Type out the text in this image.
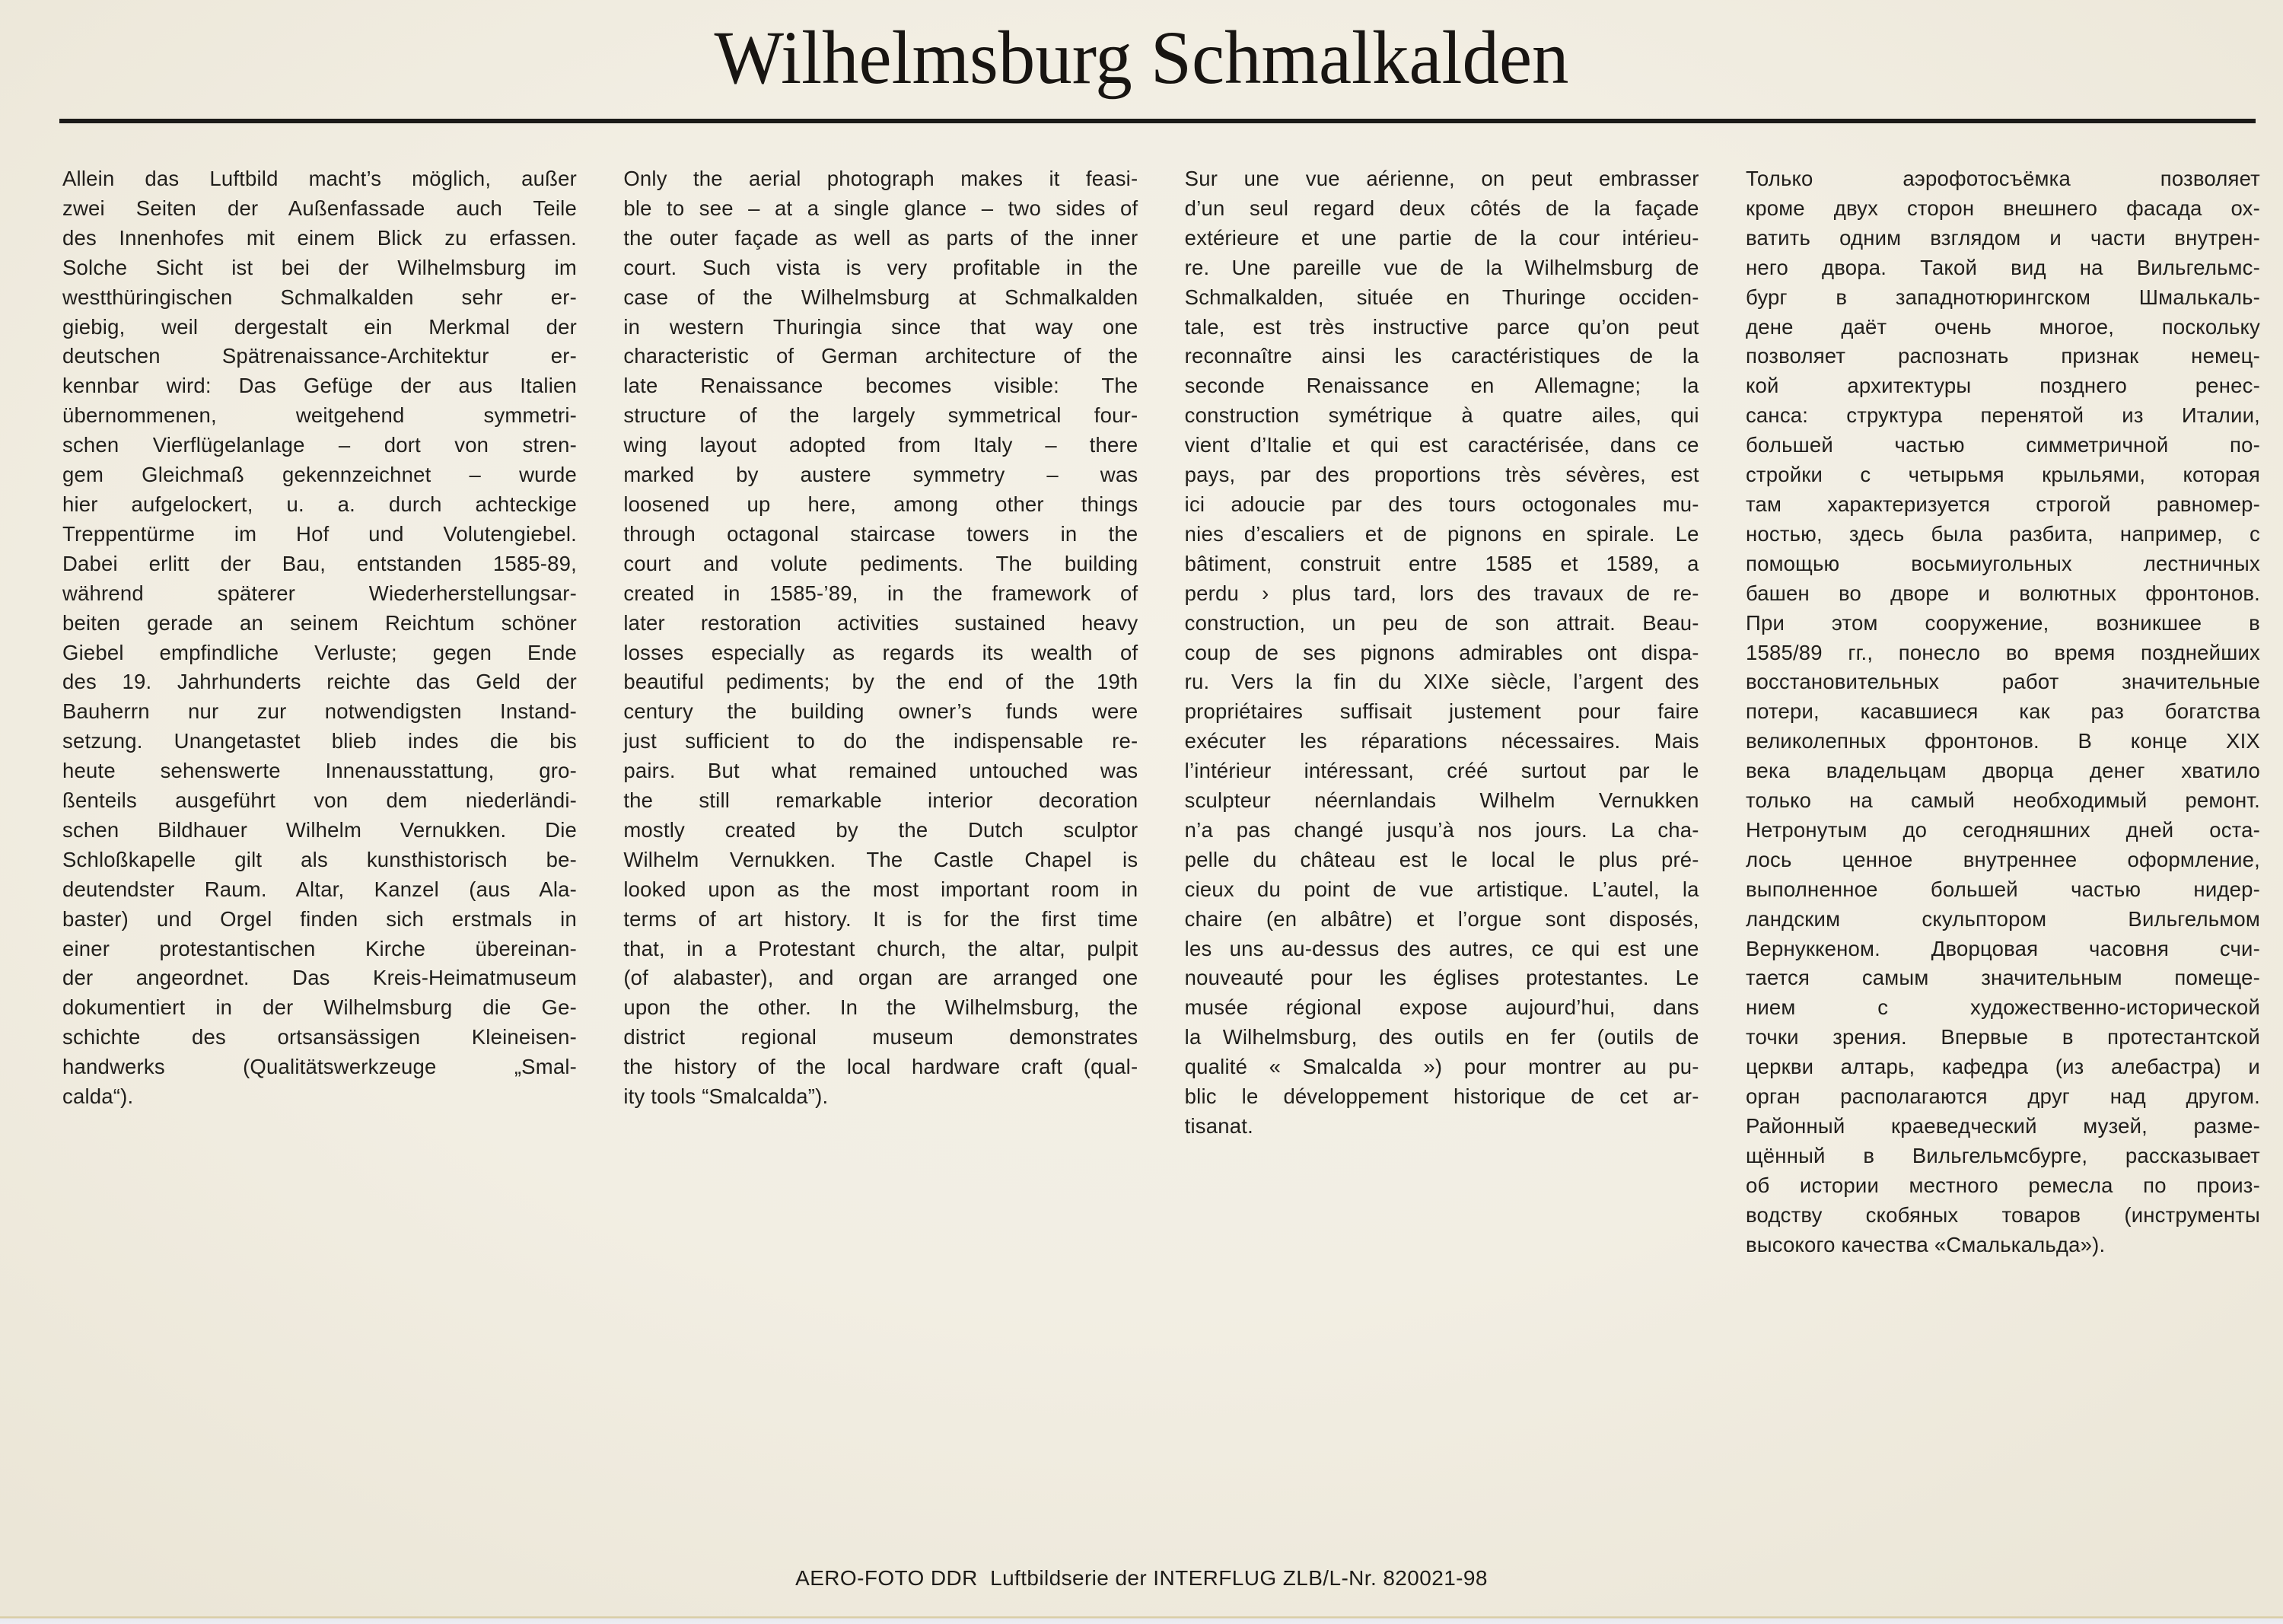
Wilhelmsburg Schmalkalden
Allein das Luftbild macht’s möglich, außer
zwei Seiten der Außenfassade auch Teile
des Innenhofes mit einem Blick zu erfassen.
Solche Sicht ist bei der Wilhelmsburg im
westthüringischen Schmalkalden sehr er-
giebig, weil dergestalt ein Merkmal der
deutschen Spätrenaissance-Architektur er-
kennbar wird: Das Gefüge der aus Italien
übernommenen, weitgehend symmetri-
schen Vierflügelanlage – dort von stren-
gem Gleichmaß gekennzeichnet – wurde
hier aufgelockert, u. a. durch achteckige
Treppentürme im Hof und Volutengiebel.
Dabei erlitt der Bau, entstanden 1585-89,
während späterer Wiederherstellungsar-
beiten gerade an seinem Reichtum schöner
Giebel empfindliche Verluste; gegen Ende
des 19. Jahrhunderts reichte das Geld der
Bauherrn nur zur notwendigsten Instand-
setzung. Unangetastet blieb indes die bis
heute sehenswerte Innenausstattung, gro-
ßenteils ausgeführt von dem niederländi-
schen Bildhauer Wilhelm Vernukken. Die
Schloßkapelle gilt als kunsthistorisch be-
deutendster Raum. Altar, Kanzel (aus Ala-
baster) und Orgel finden sich erstmals in
einer protestantischen Kirche übereinan-
der angeordnet. Das Kreis-Heimatmuseum
dokumentiert in der Wilhelmsburg die Ge-
schichte des ortsansässigen Kleineisen-
handwerks (Qualitätswerkzeuge „Smal-
calda“).
Only the aerial photograph makes it feasi-
ble to see – at a single glance – two sides of
the outer façade as well as parts of the inner
court. Such vista is very profitable in the
case of the Wilhelmsburg at Schmalkalden
in western Thuringia since that way one
characteristic of German architecture of the
late Renaissance becomes visible: The
structure of the largely symmetrical four-
wing layout adopted from Italy – there
marked by austere symmetry – was
loosened up here, among other things
through octagonal staircase towers in the
court and volute pediments. The building
created in 1585-’89, in the framework of
later restoration activities sustained heavy
losses especially as regards its wealth of
beautiful pediments; by the end of the 19th
century the building owner’s funds were
just sufficient to do the indispensable re-
pairs. But what remained untouched was
the still remarkable interior decoration
mostly created by the Dutch sculptor
Wilhelm Vernukken. The Castle Chapel is
looked upon as the most important room in
terms of art history. It is for the first time
that, in a Protestant church, the altar, pulpit
(of alabaster), and organ are arranged one
upon the other. In the Wilhelmsburg, the
district regional museum demonstrates
the history of the local hardware craft (qual-
ity tools “Smalcalda”).
Sur une vue aérienne, on peut embrasser
d’un seul regard deux côtés de la façade
extérieure et une partie de la cour intérieu-
re. Une pareille vue de la Wilhelmsburg de
Schmalkalden, située en Thuringe occiden-
tale, est très instructive parce qu’on peut
reconnaître ainsi les caractéristiques de la
seconde Renaissance en Allemagne; la
construction symétrique à quatre ailes, qui
vient d’Italie et qui est caractérisée, dans ce
pays, par des proportions très sévères, est
ici adoucie par des tours octogonales mu-
nies d’escaliers et de pignons en spirale. Le
bâtiment, construit entre 1585 et 1589, a
perdu › plus tard, lors des travaux de re-
construction, un peu de son attrait. Beau-
coup de ses pignons admirables ont dispa-
ru. Vers la fin du XIXe siècle, l’argent des
propriétaires suffisait justement pour faire
exécuter les réparations nécessaires. Mais
l’intérieur intéressant, créé surtout par le
sculpteur néernlandais Wilhelm Vernukken
n’a pas changé jusqu’à nos jours. La cha-
pelle du château est le local le plus pré-
cieux du point de vue artistique. L’autel, la
chaire (en albâtre) et l’orgue sont disposés,
les uns au-dessus des autres, ce qui est une
nouveauté pour les églises protestantes. Le
musée régional expose aujourd’hui, dans
la Wilhelmsburg, des outils en fer (outils de
qualité « Smalcalda ») pour montrer au pu-
blic le développement historique de cet ar-
tisanat.
Только аэрофотосъёмка позволяет
кроме двух сторон внешнего фасада ох-
ватить одним взглядом и части внутрен-
него двора. Такой вид на Вильгельмс-
бург в западнотюрингском Шмалькаль-
дене даёт очень многое, поскольку
позволяет распознать признак немец-
кой архитектуры позднего ренес-
санса: структура перенятой из Италии,
большей частью симметричной по-
стройки с четырьмя крыльями, которая
там характеризуется строгой равномер-
ностью, здесь была разбита, например, с
помощью восьмиугольных лестничных
башен во дворе и волютных фронтонов.
При этом сооружение, возникшее в
1585/89 гг., понесло во время позднейших
восстановительных работ значительные
потери, касавшиеся как раз богатства
великолепных фронтонов. В конце XIX
века владельцам дворца денег хватило
только на самый необходимый ремонт.
Нетронутым до сегодняшних дней оста-
лось ценное внутреннее оформление,
выполненное большей частью нидер-
ландским скульптором Вильгельмом
Вернуккеном. Дворцовая часовня счи-
тается самым значительным помеще-
нием с художественно-исторической
точки зрения. Впервые в протестантской
церкви алтарь, кафедра (из алебастра) и
орган располагаются друг над другом.
Районный краеведческий музей, разме-
щённый в Вильгельмсбурге, рассказывает
об истории местного ремесла по произ-
водству скобяных товаров (инструменты
высокого качества «Смалькальда»).
AERO-FOTO DDR  Luftbildserie der INTERFLUG ZLB/L-Nr. 820021-98
